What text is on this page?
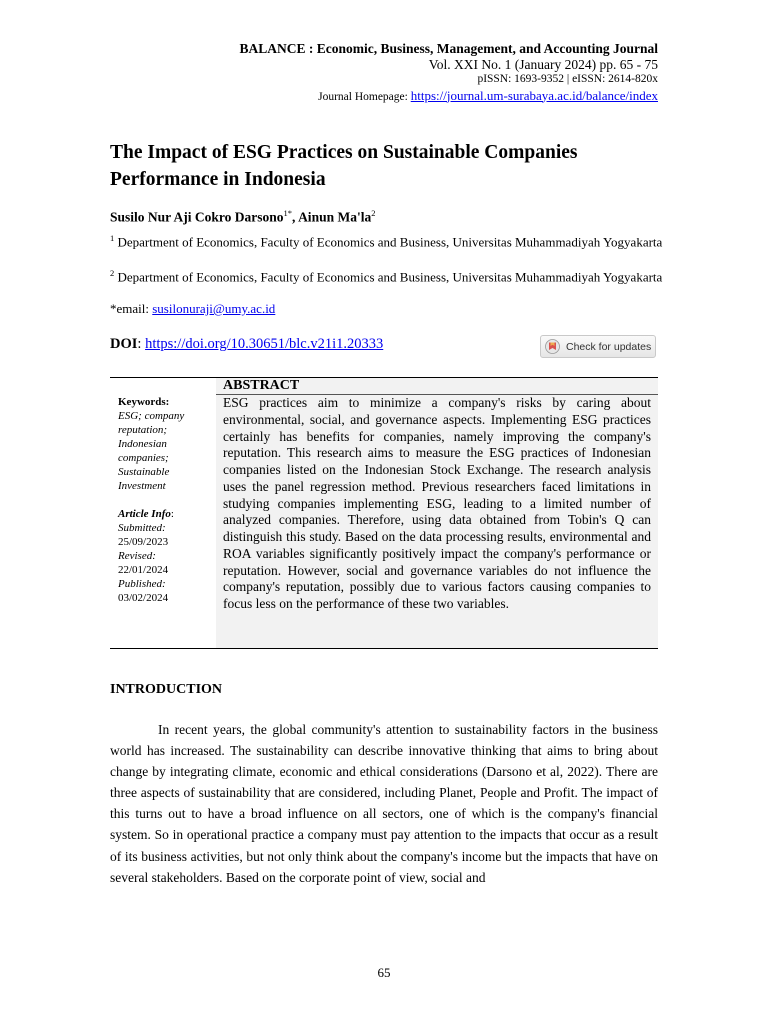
BALANCE : Economic, Business, Management, and Accounting Journal
Vol. XXI No. 1 (January 2024) pp. 65 - 75
pISSN: 1693-9352 | eISSN: 2614-820x
Journal Homepage: https://journal.um-surabaya.ac.id/balance/index
The Impact of ESG Practices on Sustainable Companies Performance in Indonesia
Susilo Nur Aji Cokro Darsono$^{1*}$, Ainun $Ma'la^2$
$^1$ Department of Economics, Faculty of Economics and Business, Universitas Muhammadiyah Yogyakarta
$^2$ Department of Economics, Faculty of Economics and Business, Universitas Muhammadiyah Yogyakarta
*email: susilonuraji@umy.ac.id
DOI: https://doi.org/10.30651/blc.v21i1.20333	Check for updates
ABSTRACT
ESG practices aim to minimize a company's risks by caring about environmental, social, and governance aspects. Implementing ESG practices certainly has benefits for companies, namely improving the company's reputation. This research aims to measure the ESG practices of Indonesian companies listed on the Indonesian Stock Exchange. The research analysis uses the panel regression method. Previous researchers faced limitations in studying companies implementing ESG, leading to a limited number of analyzed companies. Therefore, using data obtained from Tobin's Q can distinguish this study. Based on the data processing results, environmental and ROA variables significantly positively impact the company's performance or reputation. However, social and governance variables do not influence the company's reputation, possibly due to various factors causing companies to focus less on the performance of these two variables.
Keywords:
ESG; company reputation; Indonesian companies; Sustainable Investment
Article Info:
Submitted:
25/09/2023
Revised:
22/01/2024
Published:
03/02/2024
INTRODUCTION
In recent years, the global community's attention to sustainability factors in the business world has increased. The sustainability can describe innovative thinking that aims to bring about change by integrating climate, economic and ethical considerations (Darsono et al, 2022). There are three aspects of sustainability that are considered, including Planet, People and Profit. The impact of this turns out to have a broad influence on all sectors, one of which is the company's financial system. So in operational practice a company must pay attention to the impacts that occur as a result of its business activities, but not only think about the company's income but the impacts that have on several stakeholders. Based on the corporate point of view, social and
65
